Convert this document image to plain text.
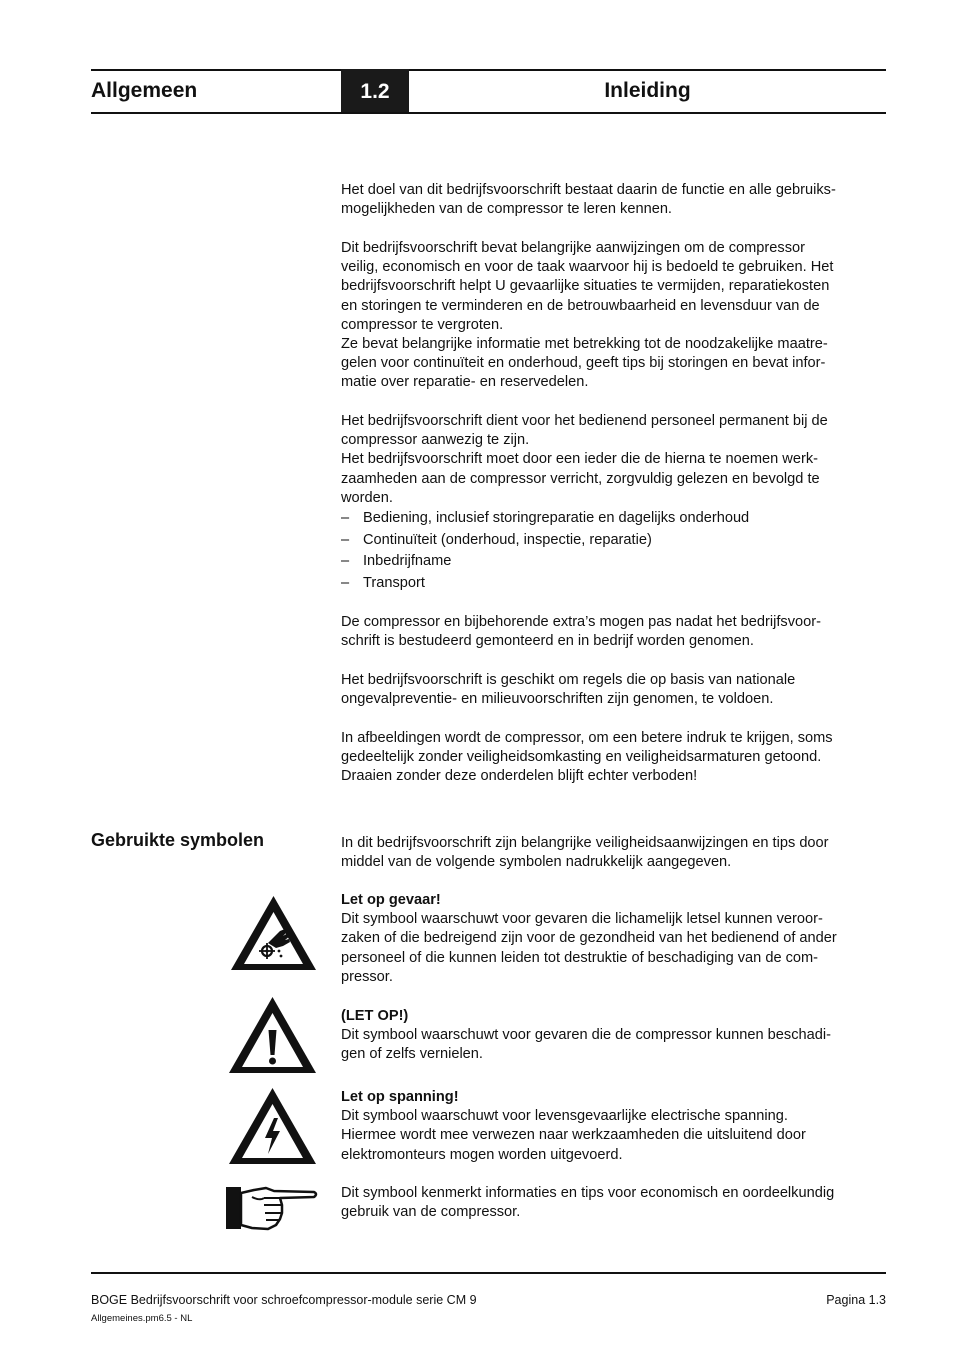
Allgemeen	1.2	Inleiding

Het doel van dit bedrijfsvoorschrift bestaat daarin de functie en alle gebruiks-
mogelijkheden van de compressor te leren kennen.

Dit bedrijfsvoorschrift bevat belangrijke aanwijzingen om de compressor
veilig, economisch en voor de taak waarvoor hij is bedoeld te gebruiken. Het
bedrijfsvoorschrift helpt U gevaarlijke situaties te vermijden, reparatiekosten
en storingen te verminderen en de betrouwbaarheid en levensduur van de
compressor te vergroten.
Ze bevat belangrijke informatie met betrekking tot de noodzakelijke maatre-
gelen voor continuïteit en onderhoud, geeft tips bij storingen en bevat infor-
matie over reparatie- en reservedelen.

Het bedrijfsvoorschrift dient voor het bedienend personeel permanent bij de
compressor aanwezig te zijn.
Het bedrijfsvoorschrift moet door een ieder die de hierna te noemen werk-
zaamheden aan de compressor verricht, zorgvuldig gelezen en bevolgd te
worden.

– Bediening, inclusief storingreparatie en dagelijks onderhoud
– Continuïteit (onderhoud, inspectie, reparatie)
– Inbedrijfname
– Transport

De compressor en bijbehorende extra’s mogen pas nadat het bedrijfsvoor-
schrift is bestudeerd gemonteerd en in bedrijf worden genomen.

Het bedrijfsvoorschrift is geschikt om regels die op basis van nationale
ongevalpreventie- en milieuvoorschriften zijn genomen, te voldoen.

In afbeeldingen wordt de compressor, om een betere indruk te krijgen, soms
gedeeltelijk zonder veiligheidsomkasting en veiligheidsarmaturen getoond.
Draaien zonder deze onderdelen blijft echter verboden!

Gebruikte symbolen	In dit bedrijfsvoorschrift zijn belangrijke veiligheidsaanwijzingen en tips door
middel van de volgende symbolen nadrukkelijk aangegeven.

Let op gevaar!

Dit symbool waarschuwt voor gevaren die lichamelijk letsel kunnen veroor-
zaken of die bedreigend zijn voor de gezondheid van het bedienend of ander
personeel of die kunnen leiden tot destruktie of beschadiging van de com-
pressor.

(LET OP!)

Dit symbool waarschuwt voor gevaren die de compressor kunnen beschadi-
gen of zelfs vernielen.

Let op spanning!

Dit symbool waarschuwt voor levensgevaarlijke electrische spanning.
Hiermee wordt mee verwezen naar werkzaamheden die uitsluitend door
elektromonteurs mogen worden uitgevoerd.

Dit symbool kenmerkt informaties en tips voor economisch en oordeelkundig
gebruik van de compressor.

BOGE Bedrijfsvoorschrift voor schroefcompressor-module serie CM 9	Pagina 1.3
Allgemeines.pm6.5 - NL
